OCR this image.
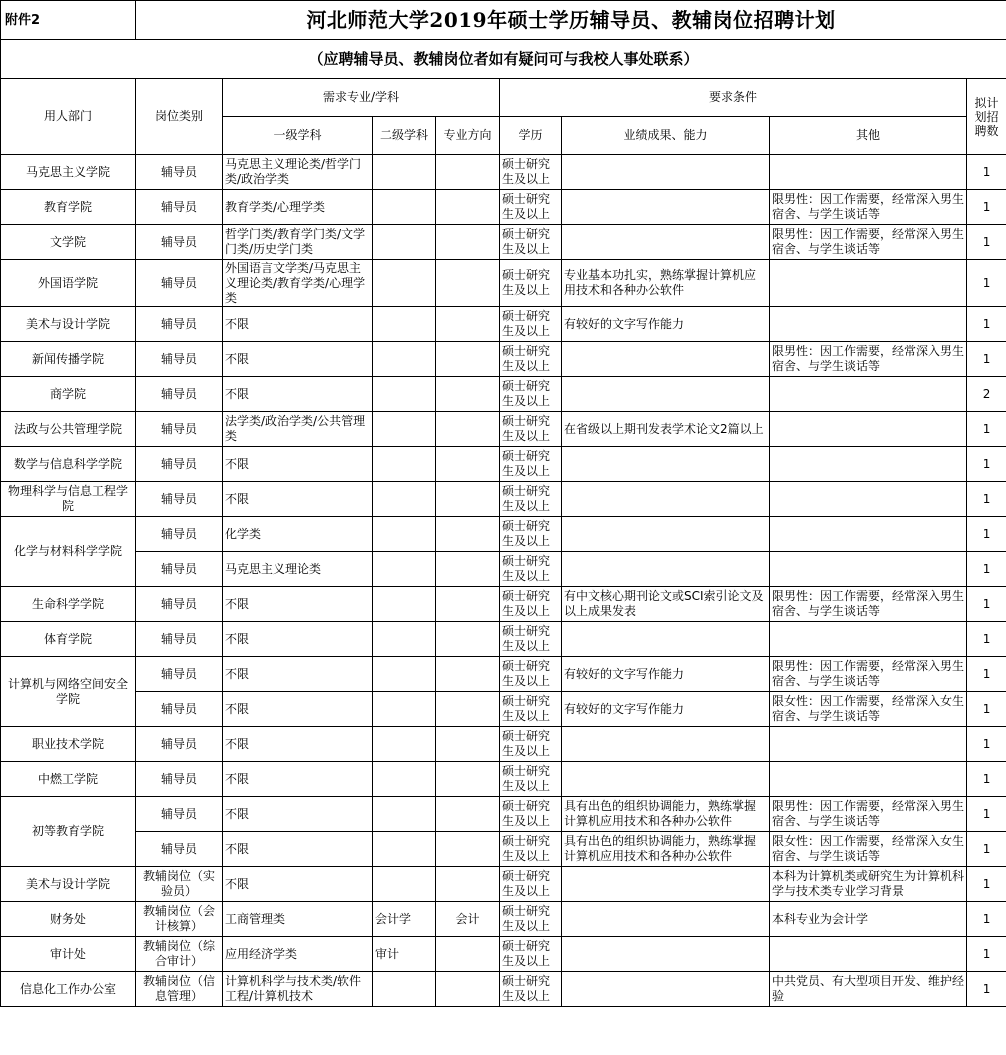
附件2	河北师范大学2019年硕士学历辅导员、教辅岗位招聘计划							
（应聘辅导员、教辅岗位者如有疑问可与我校人事处联系）								
用人部门	岗位类别	需求专业/学科			要求条件			拟计划招聘数
		一级学科	二级学科	专业方向	学历	业绩成果、能力	其他	
马克思主义学院	辅导员	马克思主义理论类/哲学门类/政治学类			硕士研究生及以上			1
教育学院	辅导员	教育学类/心理学类			硕士研究生及以上		限男性：因工作需要，经常深入男生宿舍、与学生谈话等	1
文学院	辅导员	哲学门类/教育学门类/文学门类/历史学门类			硕士研究生及以上		限男性：因工作需要，经常深入男生宿舍、与学生谈话等	1
外国语学院	辅导员	外国语言文学类/马克思主义理论类/教育学类/心理学类			硕士研究生及以上	专业基本功扎实，熟练掌握计算机应用技术和各种办公软件		1
美术与设计学院	辅导员	不限			硕士研究生及以上	有较好的文字写作能力		1
新闻传播学院	辅导员	不限			硕士研究生及以上		限男性：因工作需要，经常深入男生宿舍、与学生谈话等	1
商学院	辅导员	不限			硕士研究生及以上			2
法政与公共管理学院	辅导员	法学类/政治学类/公共管理类			硕士研究生及以上	在省级以上期刊发表学术论文2篇以上		1
数学与信息科学学院	辅导员	不限			硕士研究生及以上			1
物理科学与信息工程学院	辅导员	不限			硕士研究生及以上			1
化学与材料科学学院	辅导员	化学类			硕士研究生及以上			1
	辅导员	马克思主义理论类			硕士研究生及以上			1
生命科学学院	辅导员	不限			硕士研究生及以上	有中文核心期刊论文或SCI索引论文及以上成果发表	限男性：因工作需要，经常深入男生宿舍、与学生谈话等	1
体育学院	辅导员	不限			硕士研究生及以上			1
计算机与网络空间安全学院	辅导员	不限			硕士研究生及以上	有较好的文字写作能力	限男性：因工作需要，经常深入男生宿舍、与学生谈话等	1
	辅导员	不限			硕士研究生及以上	有较好的文字写作能力	限女性：因工作需要，经常深入女生宿舍、与学生谈话等	1
职业技术学院	辅导员	不限			硕士研究生及以上			1
中燃工学院	辅导员	不限			硕士研究生及以上			1
初等教育学院	辅导员	不限			硕士研究生及以上	具有出色的组织协调能力，熟练掌握计算机应用技术和各种办公软件	限男性：因工作需要，经常深入男生宿舍、与学生谈话等	1
	辅导员	不限			硕士研究生及以上	具有出色的组织协调能力，熟练掌握计算机应用技术和各种办公软件	限女性：因工作需要，经常深入女生宿舍、与学生谈话等	1
美术与设计学院	教辅岗位（实验员）	不限			硕士研究生及以上		本科为计算机类或研究生为计算机科学与技术类专业学习背景	1
财务处	教辅岗位（会计核算）	工商管理类	会计学	会计	硕士研究生及以上		本科专业为会计学	1
审计处	教辅岗位（综合审计）	应用经济学类	审计		硕士研究生及以上			1
信息化工作办公室	教辅岗位（信息管理）	计算机科学与技术类/软件工程/计算机技术			硕士研究生及以上		中共党员、有大型项目开发、维护经验	1
